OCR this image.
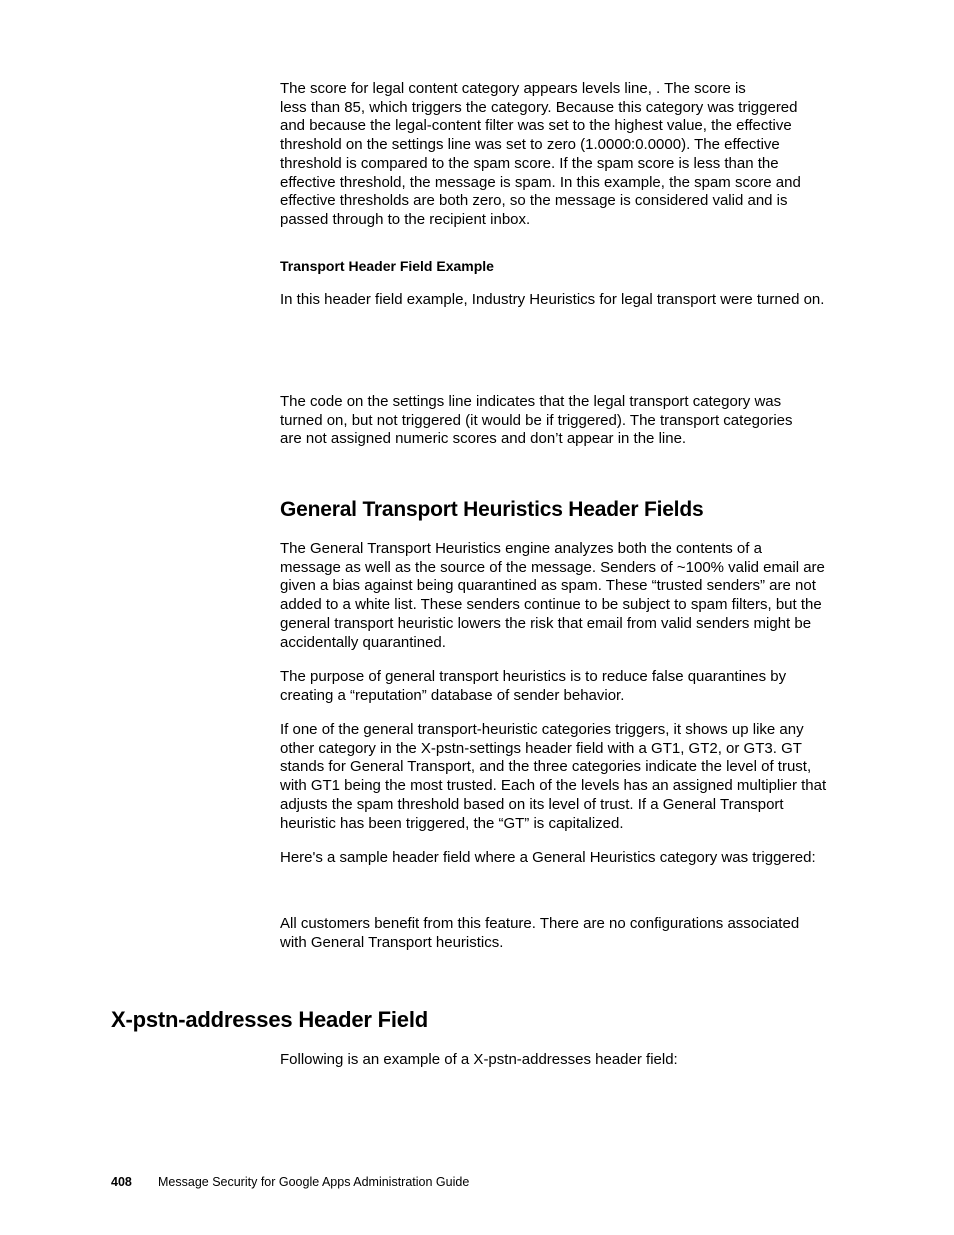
The score for legal content category appears levels line, . The score is
less than 85, which triggers the category. Because this category was triggered
and because the legal-content filter was set to the highest value, the effective
threshold on the settings line was set to zero (1.0000:0.0000). The effective
threshold is compared to the spam score. If the spam score is less than the
effective threshold, the message is spam. In this example, the spam score and
effective thresholds are both zero, so the message is considered valid and is
passed through to the recipient inbox.

Transport Header Field Example

In this header field example, Industry Heuristics for legal transport were turned on.

The code on the settings line indicates that the legal transport category was
turned on, but not triggered (it would be if triggered). The transport categories
are not assigned numeric scores and don’t appear in the line.

General Transport Heuristics Header Fields

The General Transport Heuristics engine analyzes both the contents of a
message as well as the source of the message. Senders of ~100% valid email are
given a bias against being quarantined as spam. These “trusted senders” are not
added to a white list. These senders continue to be subject to spam filters, but the
general transport heuristic lowers the risk that email from valid senders might be
accidentally quarantined.

The purpose of general transport heuristics is to reduce false quarantines by
creating a “reputation” database of sender behavior.

If one of the general transport-heuristic categories triggers, it shows up like any
other category in the X-pstn-settings header field with a GT1, GT2, or GT3. GT
stands for General Transport, and the three categories indicate the level of trust,
with GT1 being the most trusted. Each of the levels has an assigned multiplier that
adjusts the spam threshold based on its level of trust. If a General Transport
heuristic has been triggered, the “GT” is capitalized.

Here's a sample header field where a General Heuristics category was triggered:

All customers benefit from this feature. There are no configurations associated
with General Transport heuristics.

X-pstn-addresses Header Field

Following is an example of a X-pstn-addresses header field:

408 Message Security for Google Apps Administration Guide
